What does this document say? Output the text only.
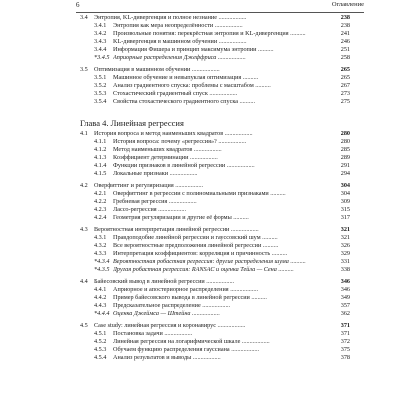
6	Оглавление
3.4 Энтропия, KL-дивергенция и полное незнание ..................	238
3.4.1 Энтропия как мера неопределённости ..................	238
3.4.2 Произвольные понятия: перекрёстная энтропия и KL-дивергенция ..........	241
3.4.3 KL-дивергенция в машинном обучении ..................	246
3.4.4 Информация Фишера и принцип максимума энтропии ..........	251
*3.4.5 Априорные распределения Джеффриса ..................	258
3.5 Оптимизация в машинном обучении ..................	265
3.5.1 Машинное обучение и невыпуклая оптимизация ..........	265
3.5.2 Анализ градиентного спуска: проблемы с масштабом ..........	267
3.5.3 Стохастический градиентный спуск ..................	273
3.5.4 Свойства стохастического градиентного спуска ..........	275
Глава 4. Линейная регрессия
4.1 История вопроса и метод наименьших квадратов ..................	280
4.1.1 История вопроса: почему «регрессия»? ..................	280
4.1.2 Метод наименьших квадратов ..................	285
4.1.3 Коэффициент детерминации ..................	289
4.1.4 Функции признаков в линейной регрессии ..................	291
4.1.5 Локальные признаки ..................	294
4.2 Оверфиттинг и регуляризация ..................	304
4.2.1 Оверфиттинг в регрессии с полиномиальными признаками ..........	304
4.2.2 Гребневая регрессия ..................	309
4.2.3 Лассо-регрессия ..................	315
4.2.4 Геометрия регуляризации и другие её формы ..........	317
4.3 Вероятностная интерпретация линейной регрессии ..................	321
4.3.1 Правдоподобие линейной регрессии и гауссовский шум ..........	321
4.3.2 Все вероятностные предположения линейной регрессии ..........	326
4.3.3 Интерпретация коэффициентов: корреляция и причинность ..........	329
*4.3.4 Вероятностная робастная регрессия: другие распределения шума ..........	331
*4.3.5 Другая робастная регрессия: RANSAC и оценка Тейла — Сена ..........	338
4.4 Байесовский вывод в линейной регрессии ..................	346
4.4.1 Априорное и апостериорное распределения ..................	346
4.4.2 Пример байесовского вывода в линейной регрессии ..........	349
4.4.3 Предсказательное распределение ..................	357
*4.4.4 Оценка Джеймса — Штейна ..................	362
4.5 Case study: линейная регрессия и коронавирус ..................	371
4.5.1 Постановка задачи ..................	371
4.5.2 Линейная регрессия на логарифмической шкале ..................	372
4.5.3 Обучаем функцию распределения гауссиана ..................	375
4.5.4 Анализ результатов и выводы ..................	378
